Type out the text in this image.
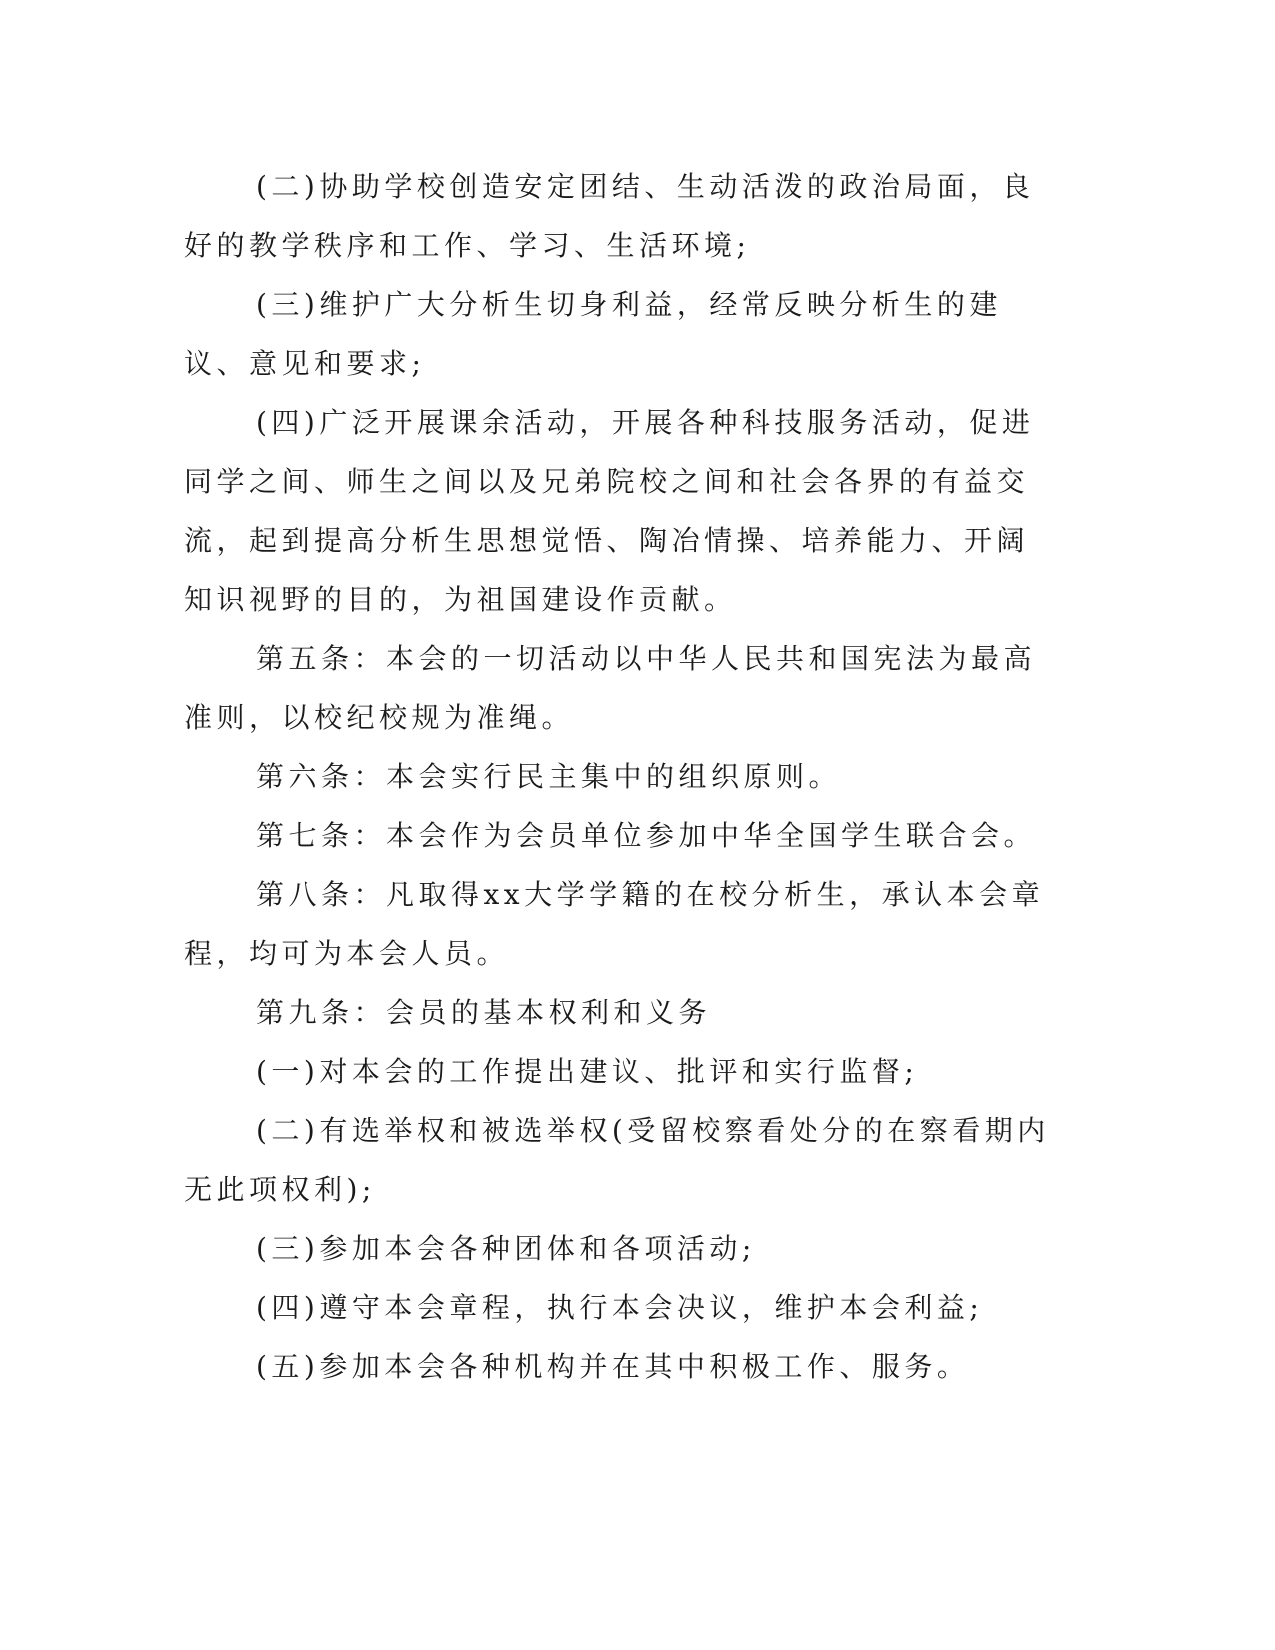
(二)协助学校创造安定团结、生动活泼的政治局面，良好的教学秩序和工作、学习、生活环境;

(三)维护广大分析生切身利益，经常反映分析生的建议、意见和要求;

(四)广泛开展课余活动，开展各种科技服务活动，促进同学之间、师生之间以及兄弟院校之间和社会各界的有益交流，起到提高分析生思想觉悟、陶冶情操、培养能力、开阔知识视野的目的，为祖国建设作贡献。

第五条：本会的一切活动以中华人民共和国宪法为最高准则，以校纪校规为准绳。

第六条：本会实行民主集中的组织原则。

第七条：本会作为会员单位参加中华全国学生联合会。

第八条：凡取得xx大学学籍的在校分析生，承认本会章程，均可为本会人员。

第九条：会员的基本权利和义务

(一)对本会的工作提出建议、批评和实行监督;

(二)有选举权和被选举权(受留校察看处分的在察看期内无此项权利);

(三)参加本会各种团体和各项活动;

(四)遵守本会章程，执行本会决议，维护本会利益;

(五)参加本会各种机构并在其中积极工作、服务。
